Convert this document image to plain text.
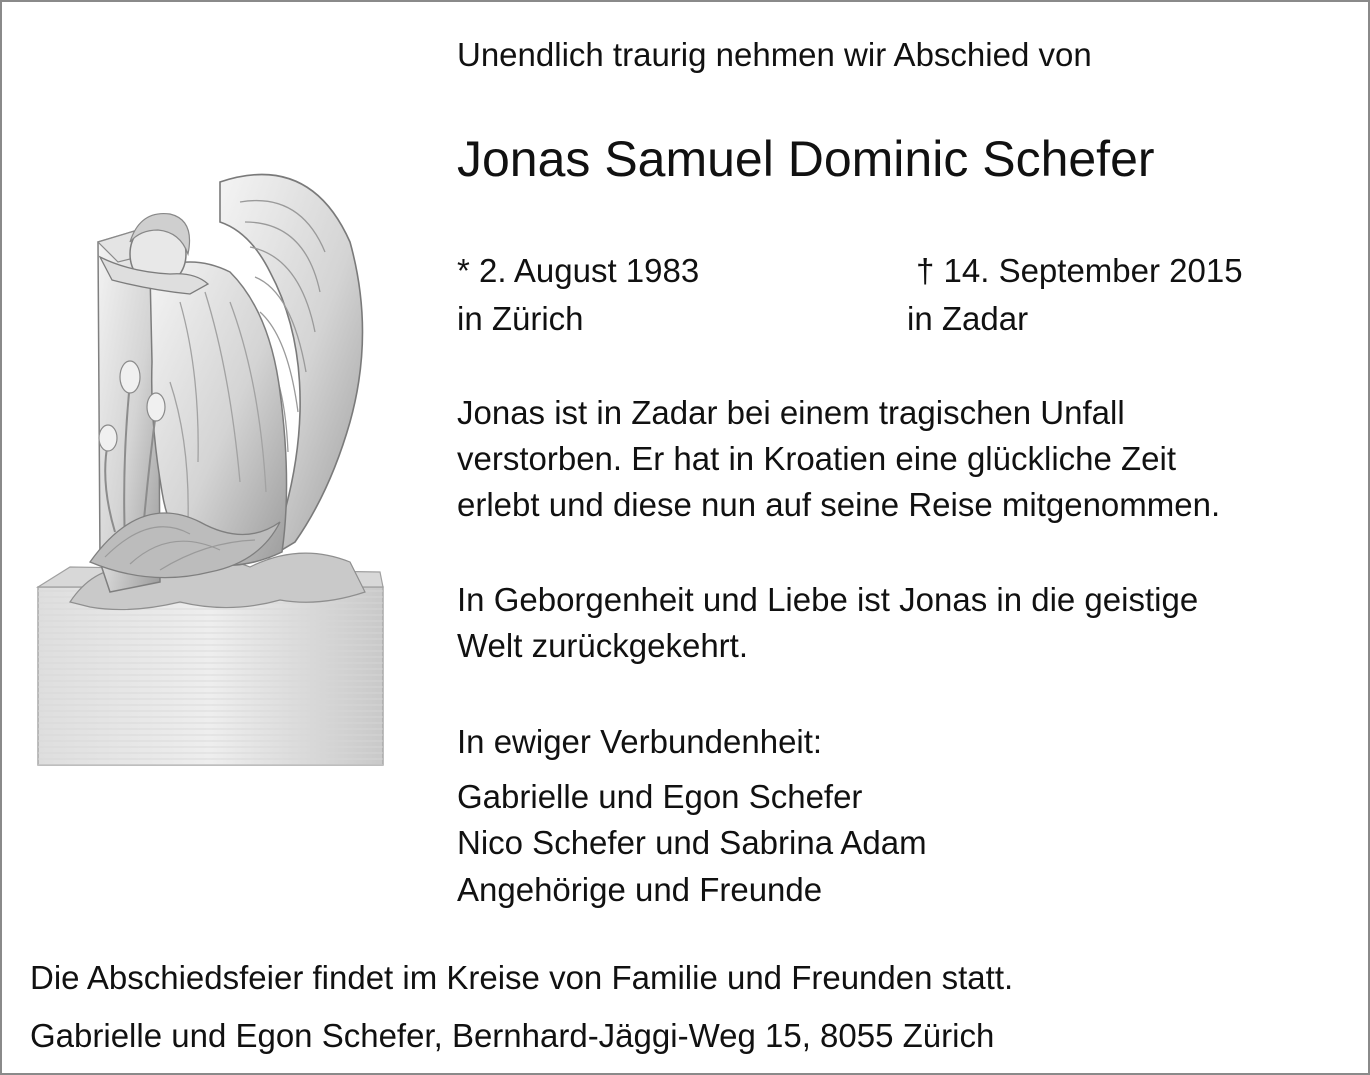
Unendlich traurig nehmen wir Abschied von

Jonas Samuel Dominic Schefer

* 2. August 1983

in Zürich

† 14. September 2015

in Zadar

Jonas ist in Zadar bei einem tragischen Unfall

verstorben. Er hat in Kroatien eine glückliche Zeit

erlebt und diese nun auf seine Reise mitgenommen.

In Geborgenheit und Liebe ist Jonas in die geistige

Welt zurückgekehrt.

In ewiger Verbundenheit:

Gabrielle und Egon Schefer

Nico Schefer und Sabrina Adam

Angehörige und Freunde

Die Abschiedsfeier findet im Kreise von Familie und Freunden statt.

Gabrielle und Egon Schefer, Bernhard-Jäggi-Weg 15, 8055 Zürich
